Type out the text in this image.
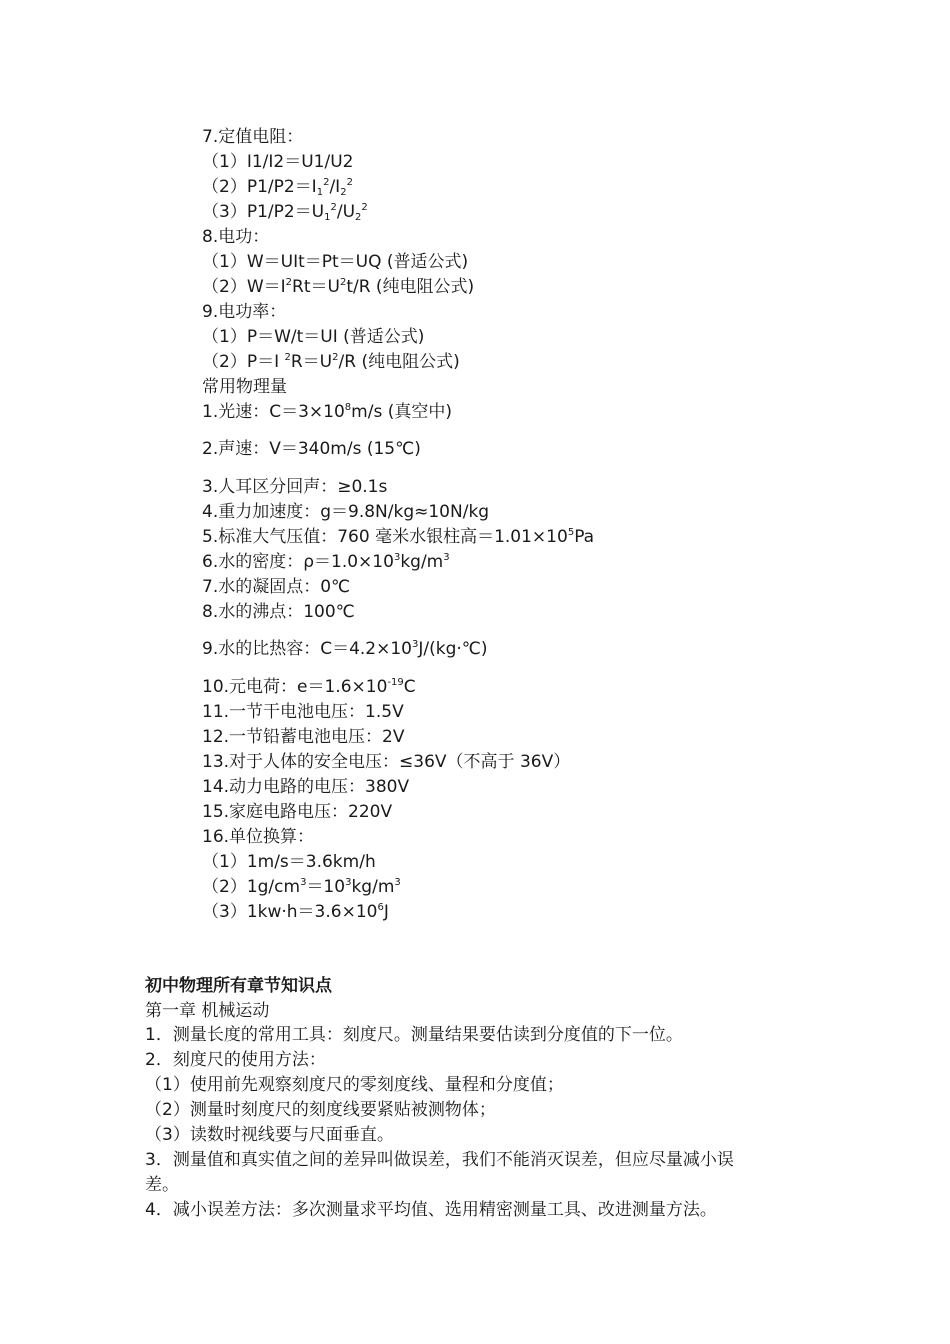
7.定值电阻：
（1）I1/I2＝U1/U2
$(2)P1/P2=I_1^2/I_2^2$
$(3)P1/P2=U_1^2/U_2^2$
8.电功：
（1）W＝UIt＝Pt＝UQ (普适公式)
$(2)W=I^2Rt=U^2t/R$ (纯电阻公式)
9.电功率：
（1）P＝W/t＝UI (普适公式)
（2）P＝I $^2R=U^2/R$ (纯电阻公式)
常用物理量
1.光速：$C=3\times 10^8m/s$ (真空中)
2.声速：V＝340m/s (15℃)
3.人耳区分回声：≥0.1s
4.重力加速度：g＝9.8N/kg≈10N/kg
5.标准大气压值：760 毫米水银柱高$=1.01\times 10^5Pa$
6.水的密度：$\rho=1.0\times 10^3kg/m^3$
7.水的凝固点：0℃
8.水的沸点：100℃
9.水的比热容：$C=4.2\times 10^3J/(kg\cdot℃)$
10.元电荷：$e=1.6\times 10^{-19}C$
11.一节干电池电压：1.5V
12.一节铅蓄电池电压：2V
13.对于人体的安全电压：≤36V（不高于 36V）
14.动力电路的电压：380V
15.家庭电路电压：220V
16.单位换算：
（1）1m/s＝3.6km/h
$(2)1g/cm^3=10^3kg/m^3$
$(3)1kw\cdot h=3.6\times 10^6J$
初中物理所有章节知识点
第一章 机械运动
1．测量长度的常用工具：刻度尺。测量结果要估读到分度值的下一位。
2．刻度尺的使用方法：
（1）使用前先观察刻度尺的零刻度线、量程和分度值；
（2）测量时刻度尺的刻度线要紧贴被测物体；
（3）读数时视线要与尺面垂直。
3．测量值和真实值之间的差异叫做误差，我们不能消灭误差，但应尽量减小误
差。
4．减小误差方法：多次测量求平均值、选用精密测量工具、改进测量方法。
